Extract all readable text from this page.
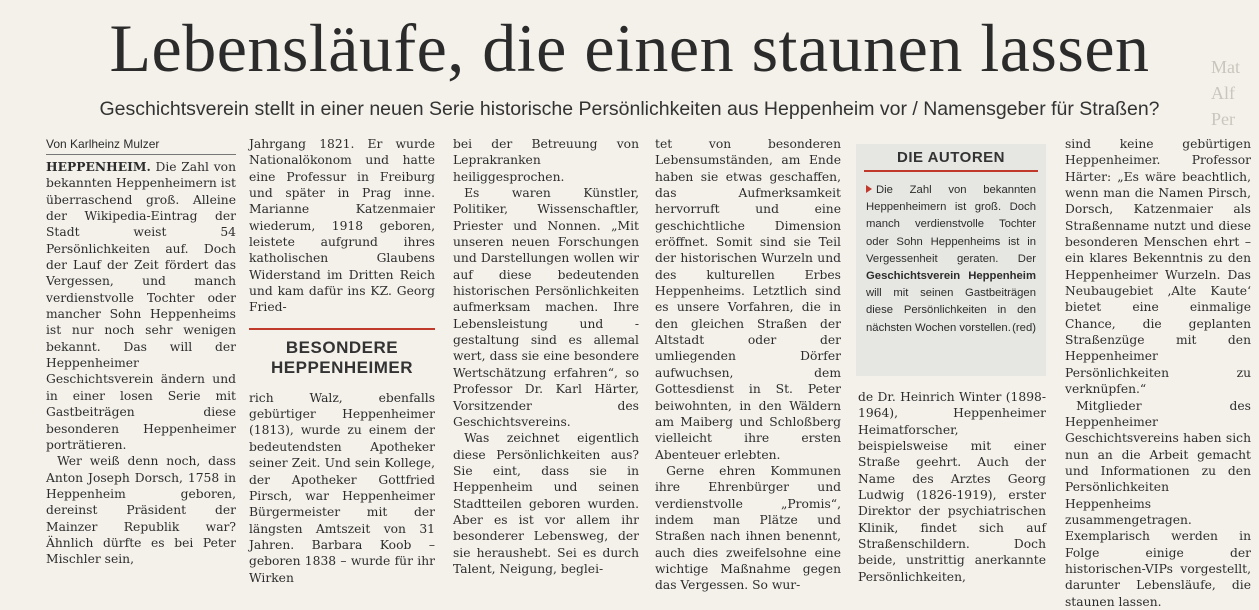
Lebensläufe, die einen staunen lassen
Geschichtsverein stellt in einer neuen Serie historische Persönlichkeiten aus Heppenheim vor / Namensgeber für Straßen?
Von Karlheinz Mulzer

HEPPENHEIM. Die Zahl von bekannten Heppenheimern ist überraschend groß. Alleine der Wikipedia-Eintrag der Stadt weist 54 Persönlichkeiten auf. Doch der Lauf der Zeit fördert das Vergessen, und manch verdienstvolle Tochter oder mancher Sohn Heppenheims ist nur noch sehr wenigen bekannt. Das will der Heppenheimer Geschichtsverein ändern und in einer losen Serie mit Gastbeiträgen diese besonderen Heppenheimer porträtieren.

Wer weiß denn noch, dass Anton Joseph Dorsch, 1758 in Heppenheim geboren, dereinst Präsident der Mainzer Republik war? Ähnlich dürfte es bei Peter Mischler sein,

Jahrgang 1821. Er wurde Nationalökonom und hatte eine Professur in Freiburg und später in Prag inne. Marianne Katzenmaier wiederum, 1918 geboren, leistete aufgrund ihres katholischen Glaubens Widerstand im Dritten Reich und kam dafür ins KZ. Georg Fried-

BESONDERE HEPPENHEIMER

rich Walz, ebenfalls gebürtiger Heppenheimer (1813), wurde zu einem der bedeutendsten Apotheker seiner Zeit. Und sein Kollege, der Apotheker Gottfried Pirsch, war Heppenheimer Bürgermeister mit der längsten Amtszeit von 31 Jahren. Barbara Koob – geboren 1838 – wurde für ihr Wirken

bei der Betreuung von Leprakranken heiliggesprochen.

Es waren Künstler, Politiker, Wissenschaftler, Priester und Nonnen. „Mit unseren neuen Forschungen und Darstellungen wollen wir auf diese bedeutenden historischen Persönlichkeiten aufmerksam machen. Ihre Lebensleistung und -gestaltung sind es allemal wert, dass sie eine besondere Wertschätzung erfahren“, so Professor Dr. Karl Härter, Vorsitzender des Geschichtsvereins.

Was zeichnet eigentlich diese Persönlichkeiten aus? Sie eint, dass sie in Heppenheim und seinen Stadtteilen geboren wurden. Aber es ist vor allem ihr besonderer Lebensweg, der sie heraushebt. Sei es durch Talent, Neigung, beglei-

tet von besonderen Lebensumständen, am Ende haben sie etwas geschaffen, das Aufmerksamkeit hervorruft und eine geschichtliche Dimension eröffnet. Somit sind sie Teil der historischen Wurzeln und des kulturellen Erbes Heppenheims. Letztlich sind es unsere Vorfahren, die in den gleichen Straßen der Altstadt oder der umliegenden Dörfer aufwuchsen, dem Gottesdienst in St. Peter beiwohnten, in den Wäldern am Maiberg und Schloßberg vielleicht ihre ersten Abenteuer erlebten.

Gerne ehren Kommunen ihre Ehrenbürger und verdienstvolle „Promis“, indem man Plätze und Straßen nach ihnen benennt, auch dies zweifelsohne eine wichtige Maßnahme gegen das Vergessen. So wur-

DIE AUTOREN
Die Zahl von bekannten Heppenheimern ist groß. Doch manch verdienstvolle Tochter oder Sohn Heppenheims ist in Vergessenheit geraten. Der Geschichtsverein Heppenheim will mit seinen Gastbeiträgen diese Persönlichkeiten in den nächsten Wochen vorstellen. (red)

de Dr. Heinrich Winter (1898-1964), Heppenheimer Heimatforscher, beispielsweise mit einer Straße geehrt. Auch der Name des Arztes Georg Ludwig (1826-1919), erster Direktor der psychiatrischen Klinik, findet sich auf Straßenschildern. Doch beide, unstrittig anerkannte Persönlichkeiten,

sind keine gebürtigen Heppenheimer. Professor Härter: „Es wäre beachtlich, wenn man die Namen Pirsch, Dorsch, Katzenmaier als Straßenname nutzt und diese besonderen Menschen ehrt – ein klares Bekenntnis zu den Heppenheimer Wurzeln. Das Neubaugebiet ‚Alte Kaute‘ bietet eine einmalige Chance, die geplanten Straßenzüge mit den Heppenheimer Persönlichkeiten zu verknüpfen.“

Mitglieder des Heppenheimer Geschichtsvereins haben sich nun an die Arbeit gemacht und Informationen zu den Persönlichkeiten Heppenheims zusammengetragen. Exemplarisch werden in Folge einige der historischen-VIPs vorgestellt, darunter Lebensläufe, die staunen lassen.

Mat
Alf
Per
